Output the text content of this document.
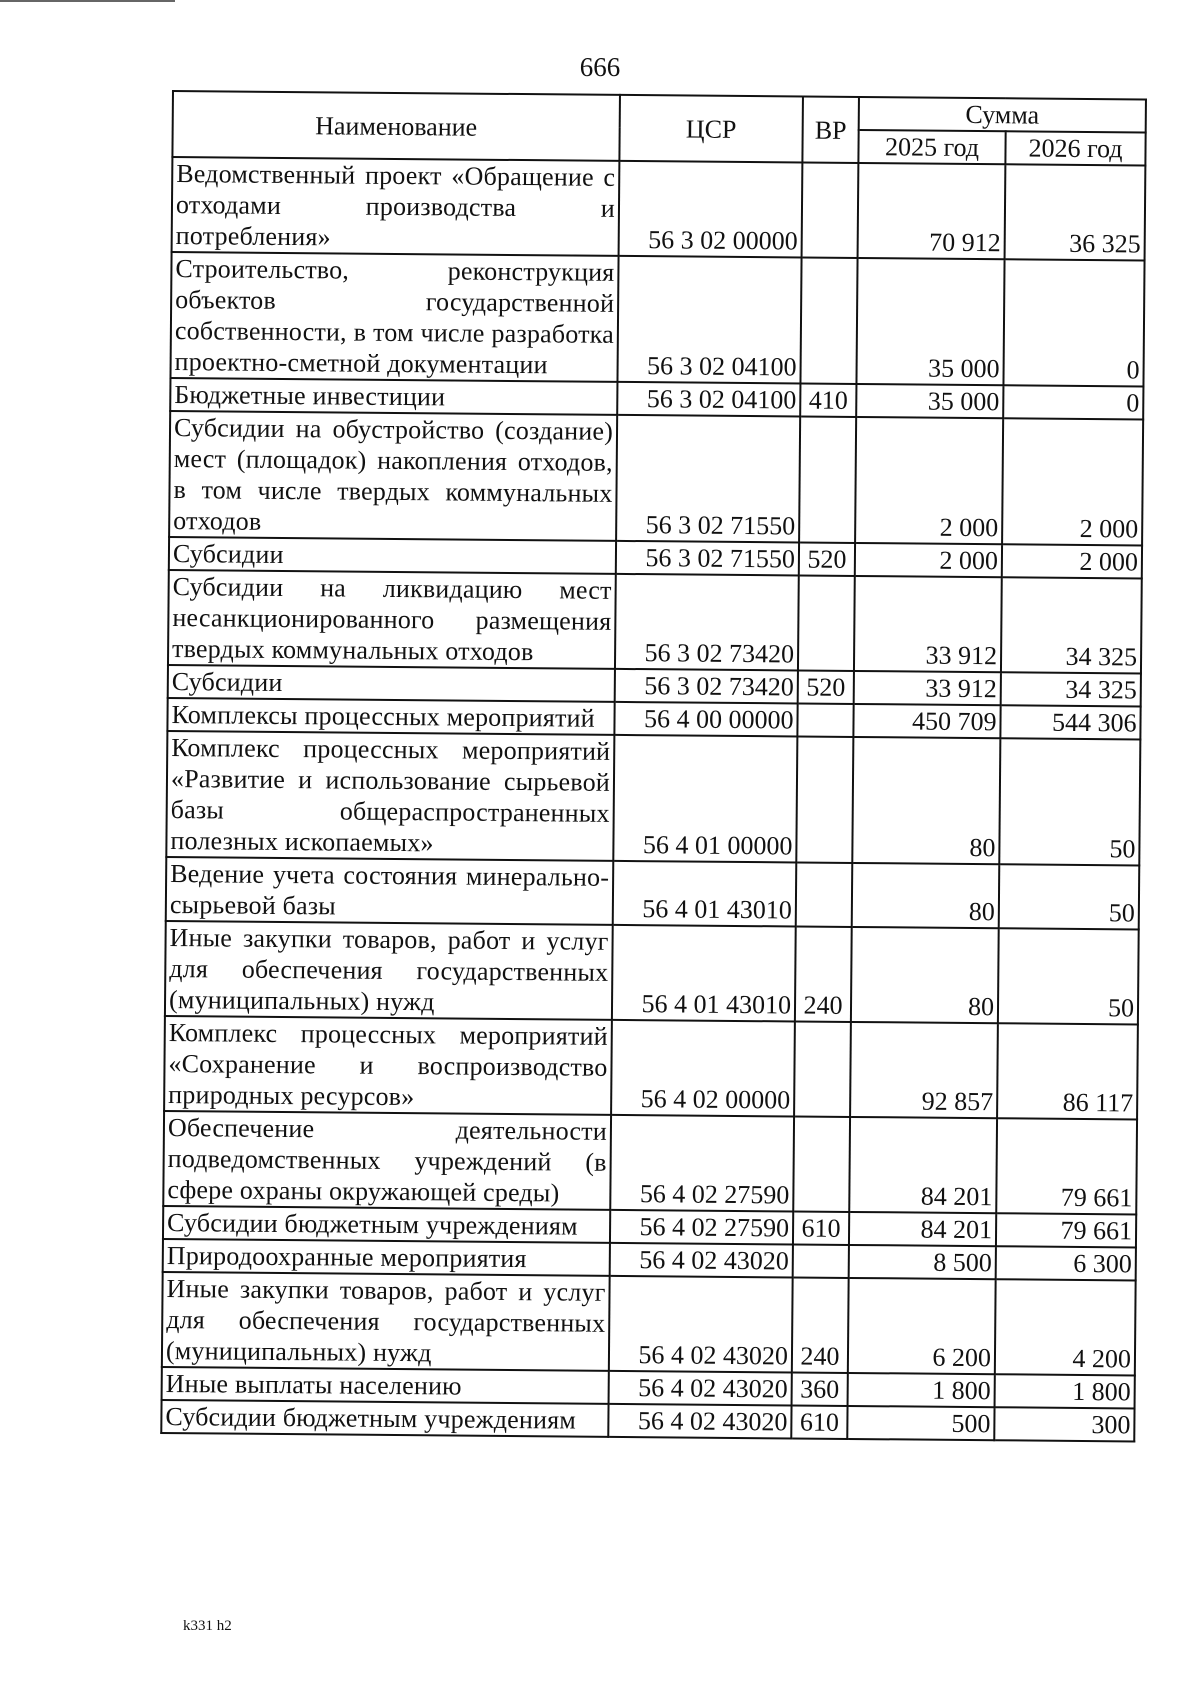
666
Наименование	ЦСР	ВР	Сумма	
			2025 год	2026 год
Ведомственный проект «Обращение с отходами производства и потребления»	56 3 02 00000		70 912	36 325
Строительство, реконструкция объектов государственной собственности, в том числе разработка проектно-сметной документации	56 3 02 04100		35 000	0
Бюджетные инвестиции	56 3 02 04100	410	35 000	0
Субсидии на обустройство (создание) мест (площадок) накопления отходов, в том числе твердых коммунальных отходов	56 3 02 71550		2 000	2 000
Субсидии	56 3 02 71550	520	2 000	2 000
Субсидии на ликвидацию мест несанкционированного размещения твердых коммунальных отходов	56 3 02 73420		33 912	34 325
Субсидии	56 3 02 73420	520	33 912	34 325
Комплексы процессных мероприятий	56 4 00 00000		450 709	544 306
Комплекс процессных мероприятий «Развитие и использование сырьевой базы общераспространенных полезных ископаемых»	56 4 01 00000		80	50
Ведение учета состояния минерально-сырьевой базы	56 4 01 43010		80	50
Иные закупки товаров, работ и услуг для обеспечения государственных (муниципальных) нужд	56 4 01 43010	240	80	50
Комплекс процессных мероприятий «Сохранение и воспроизводство природных ресурсов»	56 4 02 00000		92 857	86 117
Обеспечение деятельности подведомственных учреждений (в сфере охраны окружающей среды)	56 4 02 27590		84 201	79 661
Субсидии бюджетным учреждениям	56 4 02 27590	610	84 201	79 661
Природоохранные мероприятия	56 4 02 43020		8 500	6 300
Иные закупки товаров, работ и услуг для обеспечения государственных (муниципальных) нужд	56 4 02 43020	240	6 200	4 200
Иные выплаты населению	56 4 02 43020	360	1 800	1 800
Субсидии бюджетным учреждениям	56 4 02 43020	610	500	300
k331 h2
